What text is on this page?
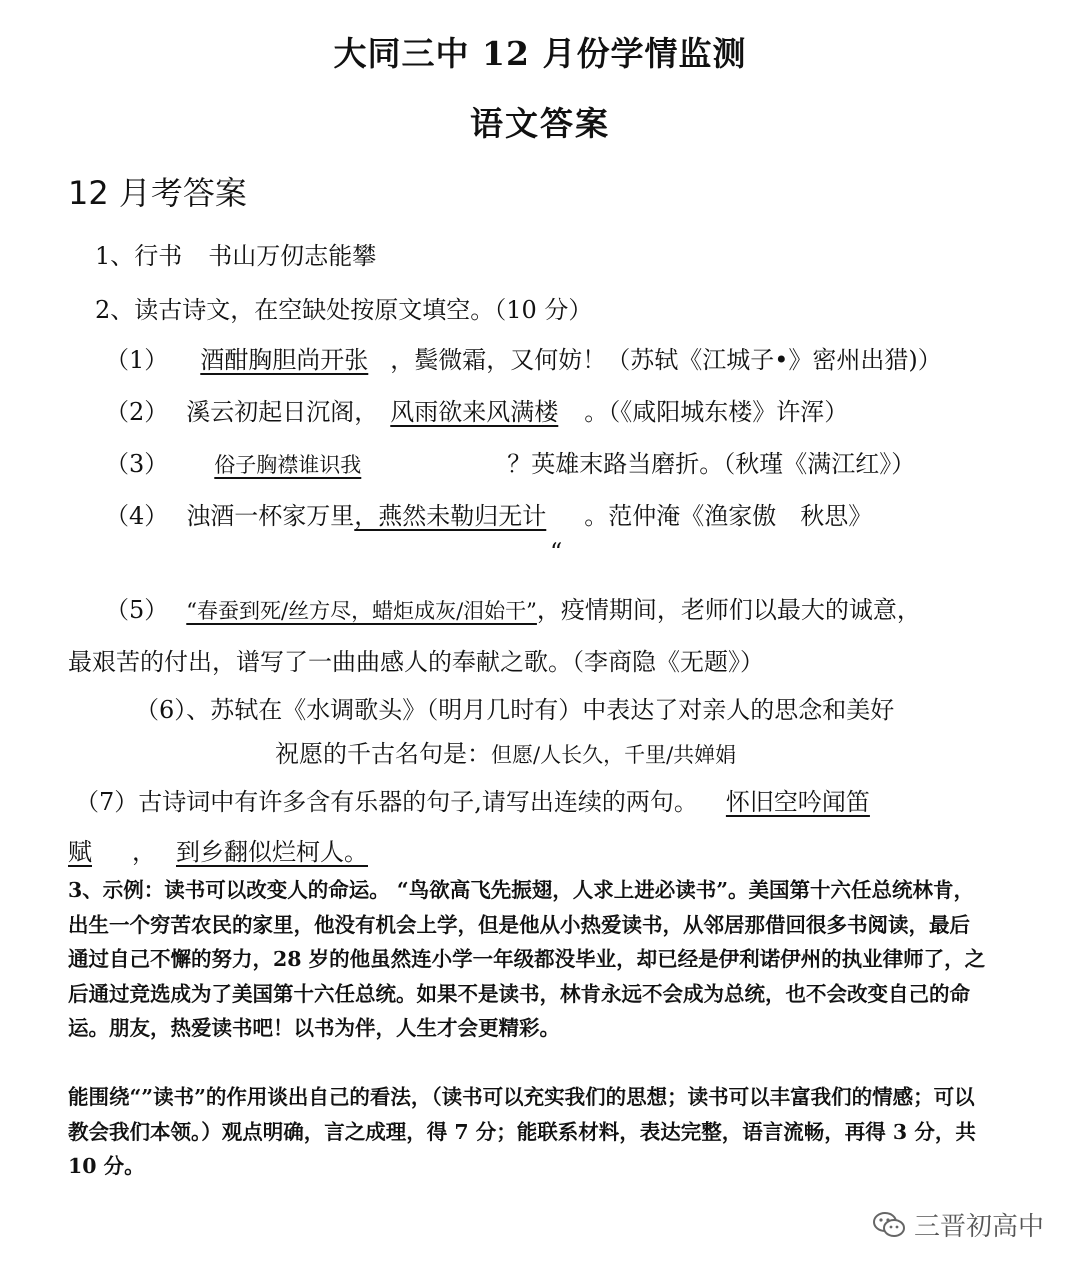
大同三中 12 月份学情监测
语文答案
12 月考答案
1、行书 书山万仞志能攀
2、读古诗文，在空缺处按原文填空。（10 分）
（1） 酒酣胸胆尚开张 ，鬓微霜，又何妨！（苏轼《江城子•》密州出猎)）
（2） 溪云初起日沉阁， 风雨欲来风满楼 。（《咸阳城东楼》许浑）
（3） 俗子胸襟谁识我	？英雄末路当磨折。（秋瑾《满江红》）
（4） 浊酒一杯家万里，燕然未勒归无计 。范仲淹《渔家傲　秋思》
“
（5） “春蚕到死/丝方尽，蜡炬成灰/泪始干”，疫情期间，老师们以最大的诚意，
最艰苦的付出，谱写了一曲曲感人的奉献之歌。（李商隐《无题》）
（6）、苏轼在《水调歌头》（明月几时有）中表达了对亲人的思念和美好
祝愿的千古名句是：但愿/人长久，千里/共婵娟
（7）古诗词中有许多含有乐器的句子,请写出连续的两句。 怀旧空吟闻笛
赋 ， 到乡翻似烂柯人。
3、示例：读书可以改变人的命运。 “鸟欲高飞先振翅，人求上进必读书”。美国第十六任总统林肯，出生一个穷苦农民的家里，他没有机会上学，但是他从小热爱读书，从邻居那借回很多书阅读，最后通过自己不懈的努力，28 岁的他虽然连小学一年级都没毕业，却已经是伊利诺伊州的执业律师了，之后通过竞选成为了美国第十六任总统。如果不是读书，林肯永远不会成为总统，也不会改变自己的命运。朋友，热爱读书吧！以书为伴，人生才会更精彩。
能围绕“”读书”的作用谈出自己的看法，（读书可以充实我们的思想；读书可以丰富我们的情感；可以教会我们本领。）观点明确，言之成理，得 7 分；能联系材料，表达完整，语言流畅，再得 3 分，共 10 分。
三晋初高中
